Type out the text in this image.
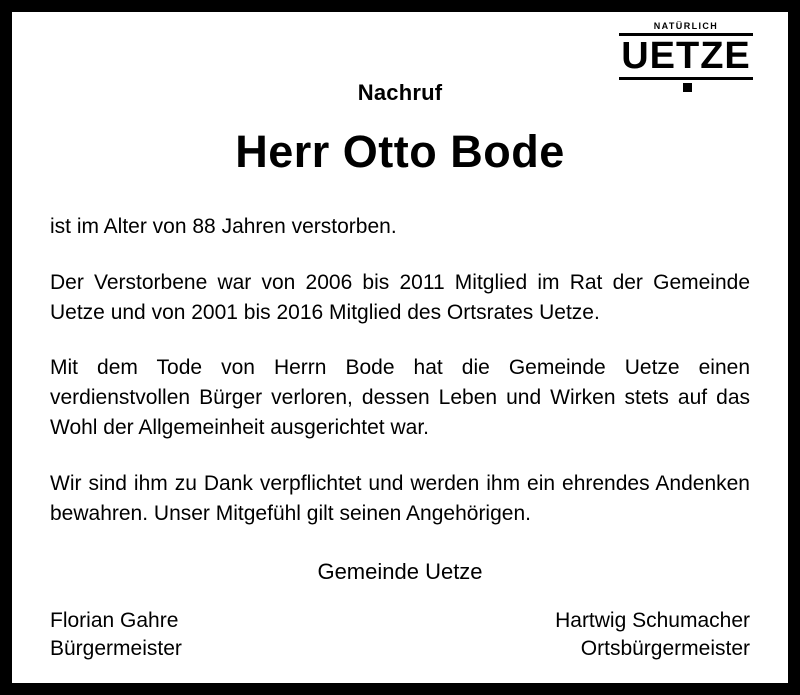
NATÜRLICH
UETZE
Nachruf
Herr Otto Bode

ist im Alter von 88 Jahren verstorben.

Der Verstorbene war von 2006 bis 2011 Mitglied im Rat der Gemeinde Uetze und von 2001 bis 2016 Mitglied des Ortsrates Uetze.

Mit dem Tode von Herrn Bode hat die Gemeinde Uetze einen verdienstvollen Bürger verloren, dessen Leben und Wirken stets auf das Wohl der Allgemeinheit ausgerichtet war.

Wir sind ihm zu Dank verpflichtet und werden ihm ein ehrendes Andenken bewahren. Unser Mitgefühl gilt seinen Angehörigen.

Gemeinde Uetze
Florian Gahre
Bürgermeister
Hartwig Schumacher
Ortsbürgermeister
